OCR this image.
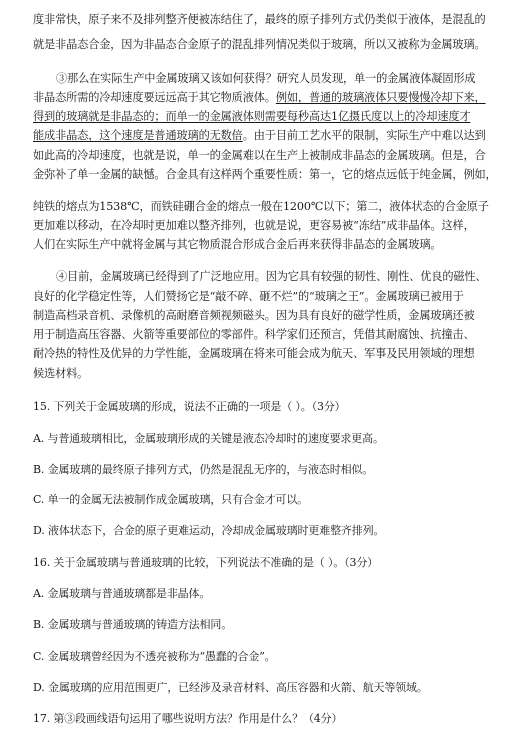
度非常快，原子来不及排列整齐便被冻结住了，最终的原子排列方式仍类似于液体，是混乱的
就是非晶态合金，因为非晶态合金原子的混乱排列情况类似于玻璃，所以又被称为金属玻璃。
③那么在实际生产中金属玻璃又该如何获得？研究人员发现，单一的金属液体凝固形成
非晶态所需的冷却速度要远远高于其它物质液体。例如，普通的玻璃液体只要慢慢冷却下来，
得到的玻璃就是非晶态的；而单一的金属液体则需要每秒高达1亿摄氏度以上的冷却速度才
能成非晶态，这个速度是普通玻璃的无数倍。由于目前工艺水平的限制，实际生产中难以达到
如此高的冷却速度，也就是说，单一的金属难以在生产上被制成非晶态的金属玻璃。但是，合
金弥补了单一金属的缺憾。合金具有这样两个重要性质：第一，它的熔点远低于纯金属，例如，
纯铁的熔点为1538℃，而铁硅硼合金的熔点一般在1200℃以下；第二，液体状态的合金原子
更加难以移动，在冷却时更加难以整齐排列，也就是说，更容易被“冻结”成非晶体。这样，
人们在实际生产中就将金属与其它物质混合形成合金后再来获得非晶态的金属玻璃。
④目前，金属玻璃已经得到了广泛地应用。因为它具有较强的韧性、刚性、优良的磁性、
良好的化学稳定性等，人们赞扬它是“敲不碎、砸不烂”的“玻璃之王”。金属玻璃已被用于
制造高档录音机、录像机的高耐磨音频视频磁头。因为具有良好的磁学性质，金属玻璃还被
用于制造高压容器、火箭等重要部位的零部件。科学家们还预言，凭借其耐腐蚀、抗撞击、
耐冷热的特性及优异的力学性能，金属玻璃在将来可能会成为航天、军事及民用领域的理想
候选材料。
15. 下列关于金属玻璃的形成，说法不正确的一项是（ ）。（3分）
A. 与普通玻璃相比，金属玻璃形成的关键是液态冷却时的速度要求更高。
B. 金属玻璃的最终原子排列方式，仍然是混乱无序的，与液态时相似。
C. 单一的金属无法被制作成金属玻璃，只有合金才可以。
D. 液体状态下，合金的原子更难运动，冷却成金属玻璃时更难整齐排列。
16. 关于金属玻璃与普通玻璃的比较，下列说法不准确的是（ ）。（3分）
A. 金属玻璃与普通玻璃都是非晶体。
B. 金属玻璃与普通玻璃的铸造方法相同。
C. 金属玻璃曾经因为不透亮被称为“愚蠢的合金”。
D. 金属玻璃的应用范围更广，已经涉及录音材料、高压容器和火箭、航天等领域。
17. 第③段画线语句运用了哪些说明方法？作用是什么？（4分）
